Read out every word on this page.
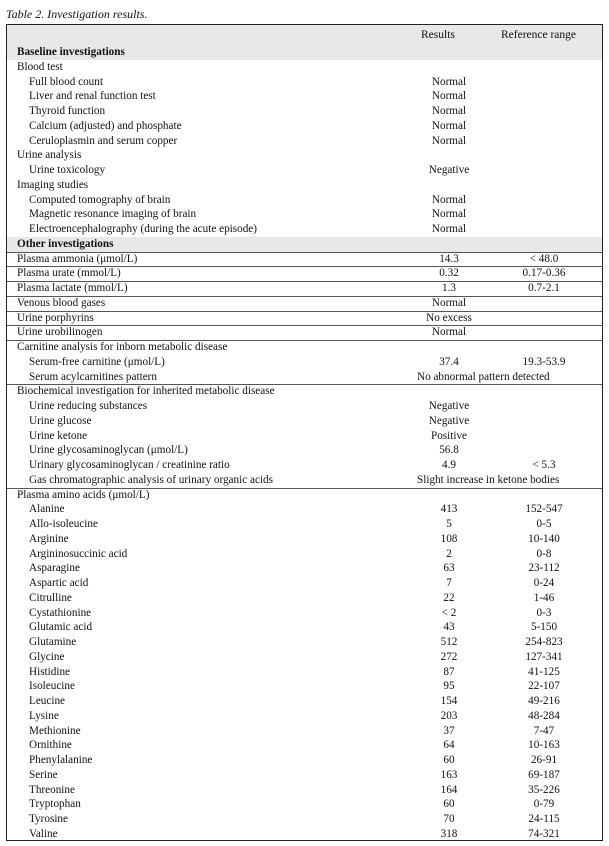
Table 2. Investigation results.
Results	Reference range
Baseline investigations
Blood test
Full blood count	Normal
Liver and renal function test	Normal
Thyroid function	Normal
Calcium (adjusted) and phosphate	Normal
Ceruloplasmin and serum copper	Normal
Urine analysis
Urine toxicology	Negative
Imaging studies
Computed tomography of brain	Normal
Magnetic resonance imaging of brain	Normal
Electroencephalography (during the acute episode)	Normal
Other investigations
Plasma ammonia (μmol/L)	14.3	< 48.0
Plasma urate (mmol/L)	0.32	0.17-0.36
Plasma lactate (mmol/L)	1.3	0.7-2.1
Venous blood gases	Normal
Urine porphyrins	No excess
Urine urobilinogen	Normal
Carnitine analysis for inborn metabolic disease
Serum-free carnitine (μmol/L)	37.4	19.3-53.9
Serum acylcarnitines pattern	No abnormal pattern detected
Biochemical investigation for inherited metabolic disease
Urine reducing substances	Negative
Urine glucose	Negative
Urine ketone	Positive
Urine glycosaminoglycan (μmol/L)	56.8
Urinary glycosaminoglycan / creatinine ratio	4.9	< 5.3
Gas chromatographic analysis of urinary organic acids	Slight increase in ketone bodies
Plasma amino acids (μmol/L)
Alanine	413	152-547
Allo-isoleucine	5	0-5
Arginine	108	10-140
Argininosuccinic acid	2	0-8
Asparagine	63	23-112
Aspartic acid	7	0-24
Citrulline	22	1-46
Cystathionine	< 2	0-3
Glutamic acid	43	5-150
Glutamine	512	254-823
Glycine	272	127-341
Histidine	87	41-125
Isoleucine	95	22-107
Leucine	154	49-216
Lysine	203	48-284
Methionine	37	7-47
Ornithine	64	10-163
Phenylalanine	60	26-91
Serine	163	69-187
Threonine	164	35-226
Tryptophan	60	0-79
Tyrosine	70	24-115
Valine	318	74-321
